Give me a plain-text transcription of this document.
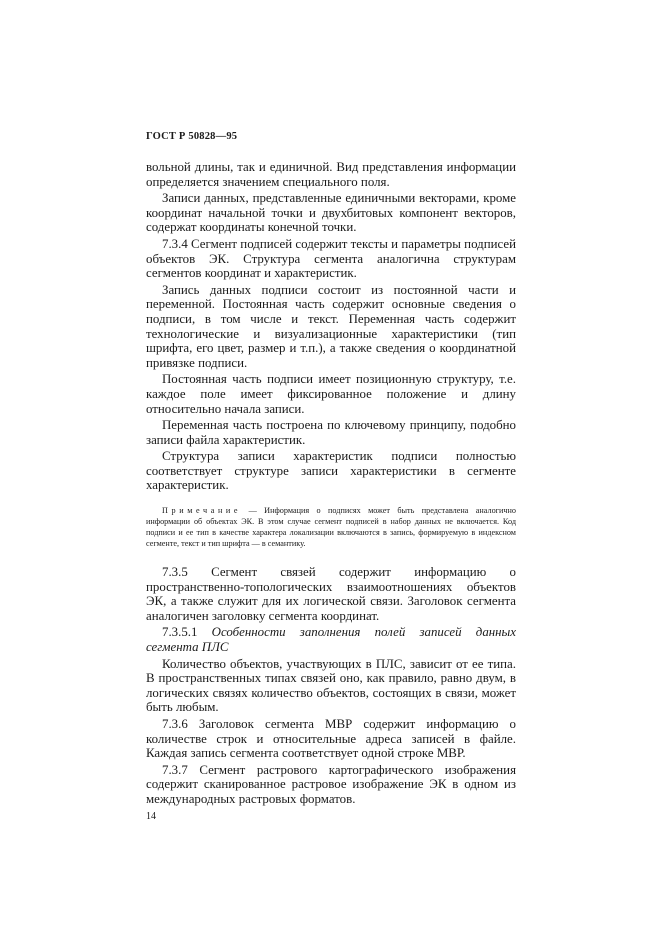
ГОСТ Р 50828—95

вольной длины, так и единичной. Вид представления информации определяется значением специального поля.

Записи данных, представленные единичными векторами, кроме координат начальной точки и двухбитовых компонент векторов, содержат координаты конечной точки.

7.3.4 Сегмент подписей содержит тексты и параметры подписей объектов ЭК. Структура сегмента аналогична структурам сегментов координат и характеристик.

Запись данных подписи состоит из постоянной части и переменной. Постоянная часть содержит основные сведения о подписи, в том числе и текст. Переменная часть содержит технологические и визуализационные характеристики (тип шрифта, его цвет, размер и т.п.), а также сведения о координатной привязке подписи.

Постоянная часть подписи имеет позиционную структуру, т.е. каждое поле имеет фиксированное положение и длину относительно начала записи.

Переменная часть построена по ключевому принципу, подобно записи файла характеристик.

Структура записи характеристик подписи полностью соответствует структуре записи характеристики в сегменте характеристик.

Примечание — Информация о подписях может быть представлена аналогично информации об объектах ЭК. В этом случае сегмент подписей в набор данных не включается. Код подписи и ее тип в качестве характера локализации включаются в запись, формируемую в индексном сегменте, текст и тип шрифта — в семантику.

7.3.5 Сегмент связей содержит информацию о пространственно-топологических взаимоотношениях объектов ЭК, а также служит для их логической связи. Заголовок сегмента аналогичен заголовку сегмента координат.

7.3.5.1 Особенности заполнения полей записей данных сегмента ПЛС

Количество объектов, участвующих в ПЛС, зависит от ее типа. В пространственных типах связей оно, как правило, равно двум, в логических связях количество объектов, состоящих в связи, может быть любым.

7.3.6 Заголовок сегмента МВР содержит информацию о количестве строк и относительные адреса записей в файле. Каждая запись сегмента соответствует одной строке МВР.

7.3.7 Сегмент растрового картографического изображения содержит сканированное растровое изображение ЭК в одном из международных растровых форматов.

14
